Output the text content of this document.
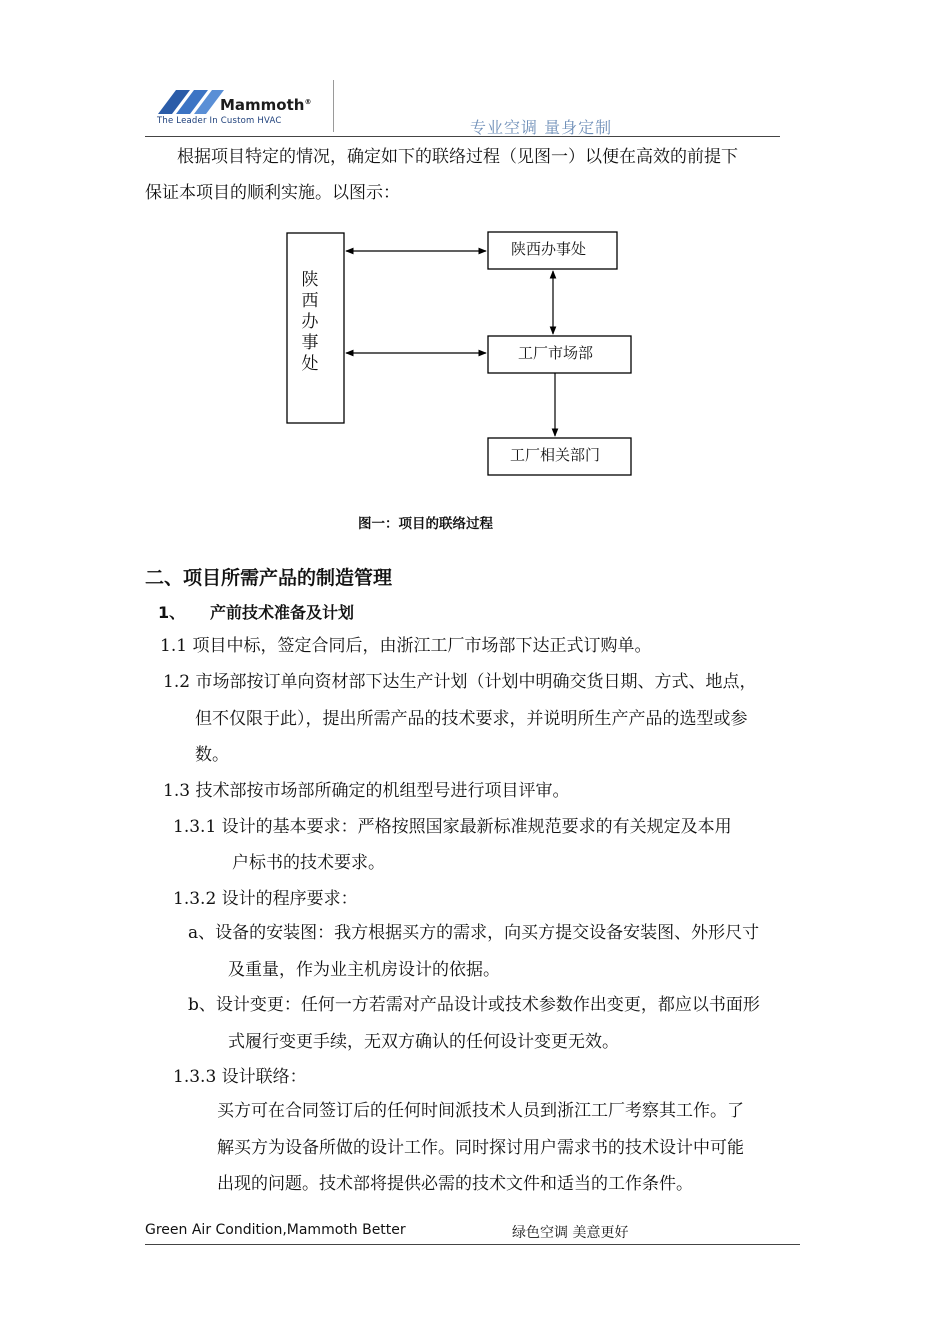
Mammoth®
The Leader In Custom HVAC	专业空调 量身定制
根据项目特定的情况，确定如下的联络过程（见图一）以便在高效的前提下
保证本项目的顺利实施。以图示：
陕
西
办
事
处
陕西办事处
工厂市场部
工厂相关部门
图一：项目的联络过程
二、项目所需产品的制造管理
1、 产前技术准备及计划
1.1 项目中标，签定合同后，由浙江工厂市场部下达正式订购单。
1.2 市场部按订单向资材部下达生产计划（计划中明确交货日期、方式、地点，
但不仅限于此），提出所需产品的技术要求，并说明所生产产品的选型或参
数。
1.3 技术部按市场部所确定的机组型号进行项目评审。
1.3.1 设计的基本要求：严格按照国家最新标准规范要求的有关规定及本用
户标书的技术要求。
1.3.2 设计的程序要求：
a、设备的安装图：我方根据买方的需求，向买方提交设备安装图、外形尺寸
及重量，作为业主机房设计的依据。
b、设计变更：任何一方若需对产品设计或技术参数作出变更，都应以书面形
式履行变更手续，无双方确认的任何设计变更无效。
1.3.3 设计联络：
买方可在合同签订后的任何时间派技术人员到浙江工厂考察其工作。了
解买方为设备所做的设计工作。同时探讨用户需求书的技术设计中可能
出现的问题。技术部将提供必需的技术文件和适当的工作条件。
Green Air Condition,Mammoth Better	绿色空调 美意更好
